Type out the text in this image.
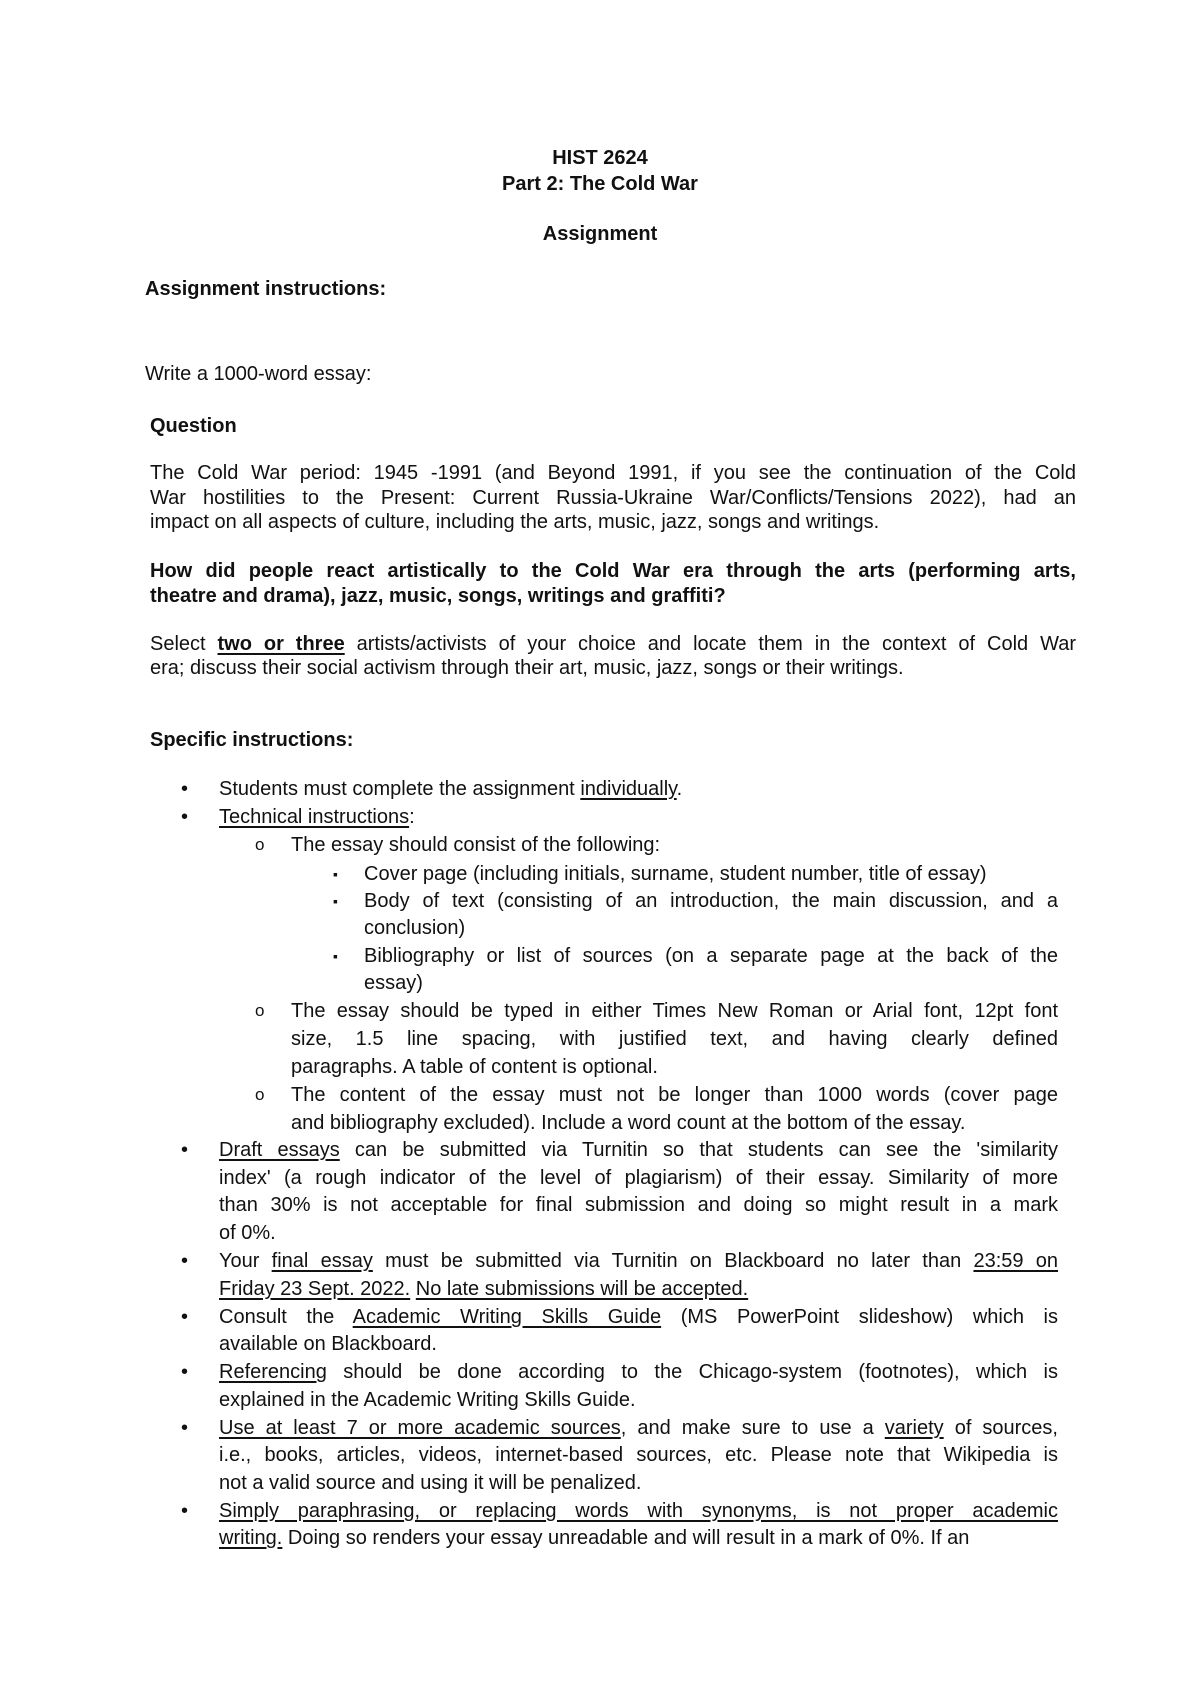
HIST 2624
Part 2: The Cold War
Assignment
Assignment instructions:
Write a 1000-word essay:
Question
The Cold War period: 1945 -1991 (and Beyond 1991, if you see the continuation of the Cold
War hostilities to the Present: Current Russia-Ukraine War/Conflicts/Tensions 2022), had an
impact on all aspects of culture, including the arts, music, jazz, songs and writings.
How did people react artistically to the Cold War era through the arts (performing arts,
theatre and drama), jazz, music, songs, writings and graffiti?
Select two or three artists/activists of your choice and locate them in the context of Cold War
era; discuss their social activism through their art, music, jazz, songs or their writings.
Specific instructions:
•
Students must complete the assignment individually.
•
Technical instructions:
o
The essay should consist of the following:
▪
Cover page (including initials, surname, student number, title of essay)
▪
Body of text (consisting of an introduction, the main discussion, and a
conclusion)
▪
Bibliography or list of sources (on a separate page at the back of the
essay)
o
The essay should be typed in either Times New Roman or Arial font, 12pt font
size, 1.5 line spacing, with justified text, and having clearly defined
paragraphs. A table of content is optional.
o
The content of the essay must not be longer than 1000 words (cover page
and bibliography excluded). Include a word count at the bottom of the essay.
•
Draft essays can be submitted via Turnitin so that students can see the 'similarity
index' (a rough indicator of the level of plagiarism) of their essay. Similarity of more
than 30% is not acceptable for final submission and doing so might result in a mark
of 0%.
•
Your final essay must be submitted via Turnitin on Blackboard no later than 23:59 on
Friday 23 Sept. 2022. No late submissions will be accepted.
•
Consult the Academic Writing Skills Guide (MS PowerPoint slideshow) which is
available on Blackboard.
•
Referencing should be done according to the Chicago-system (footnotes), which is
explained in the Academic Writing Skills Guide.
•
Use at least 7 or more academic sources, and make sure to use a variety of sources,
i.e., books, articles, videos, internet-based sources, etc. Please note that Wikipedia is
not a valid source and using it will be penalized.
•
Simply paraphrasing, or replacing words with synonyms, is not proper academic
writing. Doing so renders your essay unreadable and will result in a mark of 0%. If an
